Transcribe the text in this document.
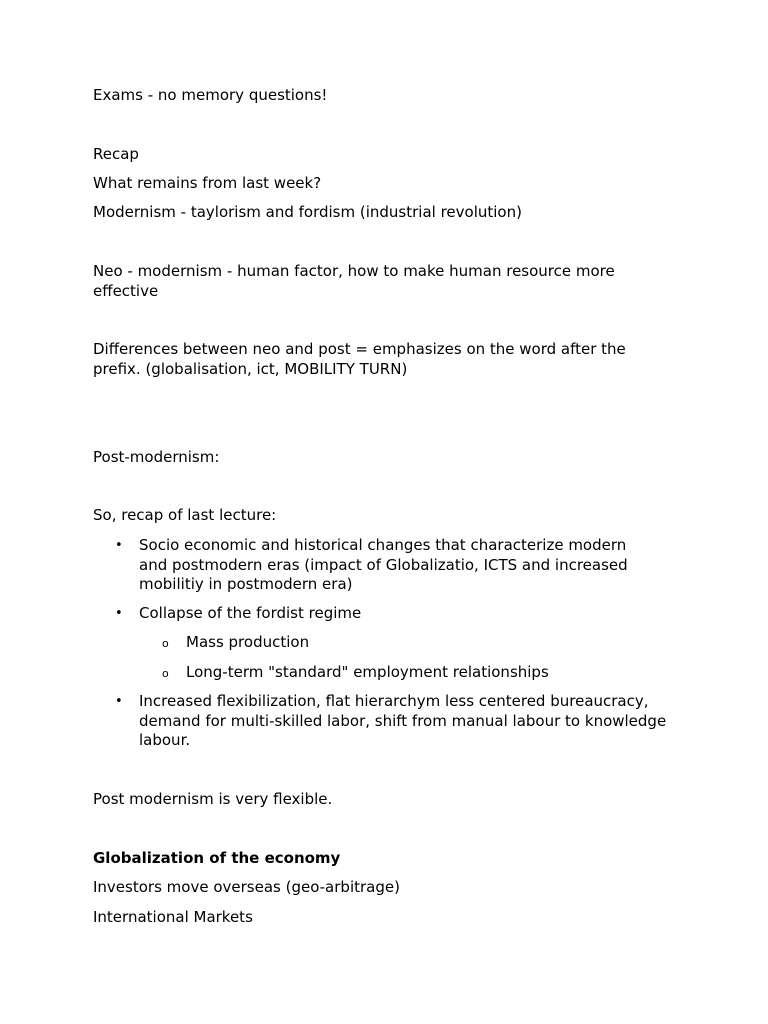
Exams - no memory questions!

Recap

What remains from last week?

Modernism - taylorism and fordism (industrial revolution)

Neo - modernism - human factor, how to make human resource more effective

Differences between neo and post = emphasizes on the word after the prefix. (globalisation, ict, MOBILITY TURN)

Post-modernism:

So, recap of last lecture:

• Socio economic and historical changes that characterize modern and postmodern eras (impact of Globalizatio, ICTS and increased mobilitiy in postmodern era)

• Collapse of the fordist regime

o Mass production

o Long-term "standard" employment relationships

• Increased flexibilization, flat hierarchym less centered bureaucracy, demand for multi-skilled labor, shift from manual labour to knowledge labour.

Post modernism is very flexible.

Globalization of the economy

Investors move overseas (geo-arbitrage)

International Markets
